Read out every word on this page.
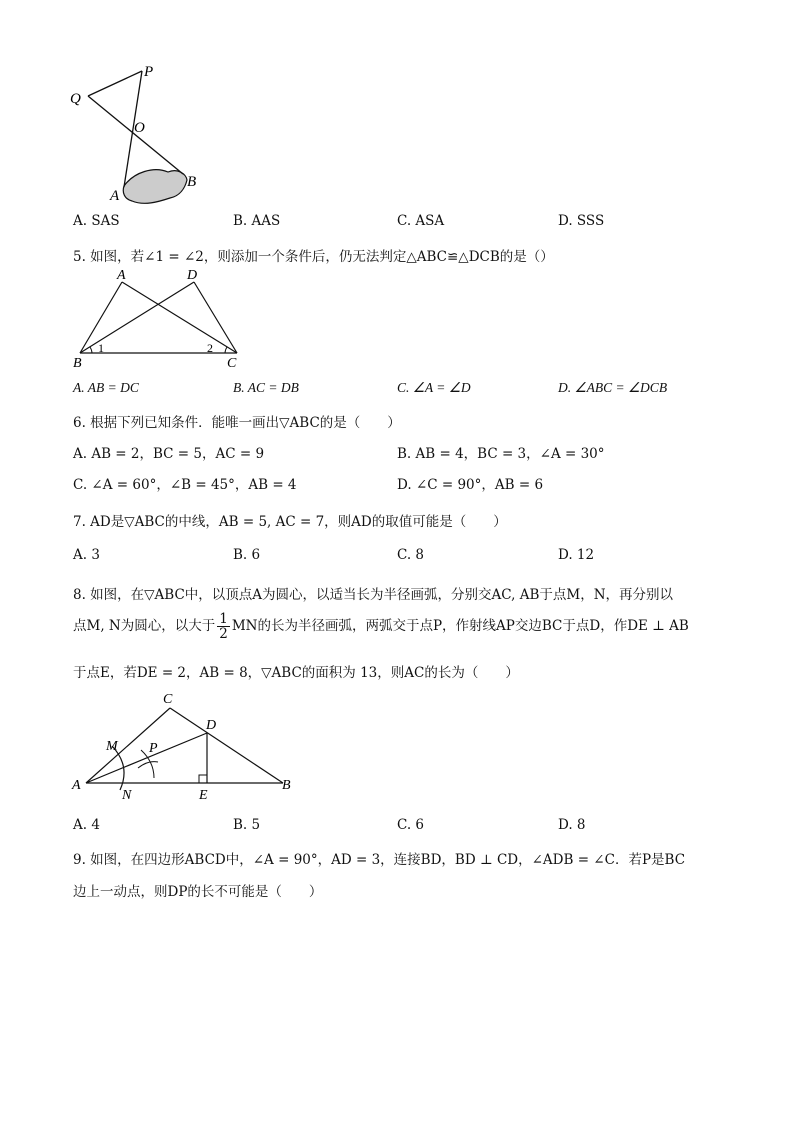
P
Q
O
A
B
A. SAS	B. AAS	C. ASA	D. SSS
5. 如图，若∠1 = ∠2，则添加一个条件后，仍无法判定△ABC≌△DCB的是（）
A	D
B	C
1	2
A. AB = DC	B. AC = DB	C. ∠A = ∠D	D. ∠ABC = ∠DCB
6. 根据下列已知条件．能唯一画出▽ABC的是（　　）
A. AB = 2，BC = 5，AC = 9	B. AB = 4，BC = 3，∠A = 30°
C. ∠A = 60°，∠B = 45°，AB = 4	D. ∠C = 90°，AB = 6
7. AD是▽ABC的中线，AB = 5, AC = 7，则AD的取值可能是（　　）
A. 3	B. 6	C. 8	D. 12
8. 如图，在▽ABC中，以顶点A为圆心，以适当长为半径画弧，分别交AC, AB于点M，N，再分别以
点M, N为圆心，以大于 $\frac{1}{2}$ MN的长为半径画弧，两弧交于点P，作射线AP交边BC于点D，作DE ⊥ AB
于点E，若DE = 2，AB = 8，▽ABC的面积为 13，则AC的长为（　　）
C
D
M P
A
N	E
B
A. 4	B. 5	C. 6	D. 8
9. 如图，在四边形ABCD中，∠A = 90°，AD = 3，连接BD，BD ⊥ CD，∠ADB = ∠C．若P是BC
边上一动点，则DP的长不可能是（　　）
